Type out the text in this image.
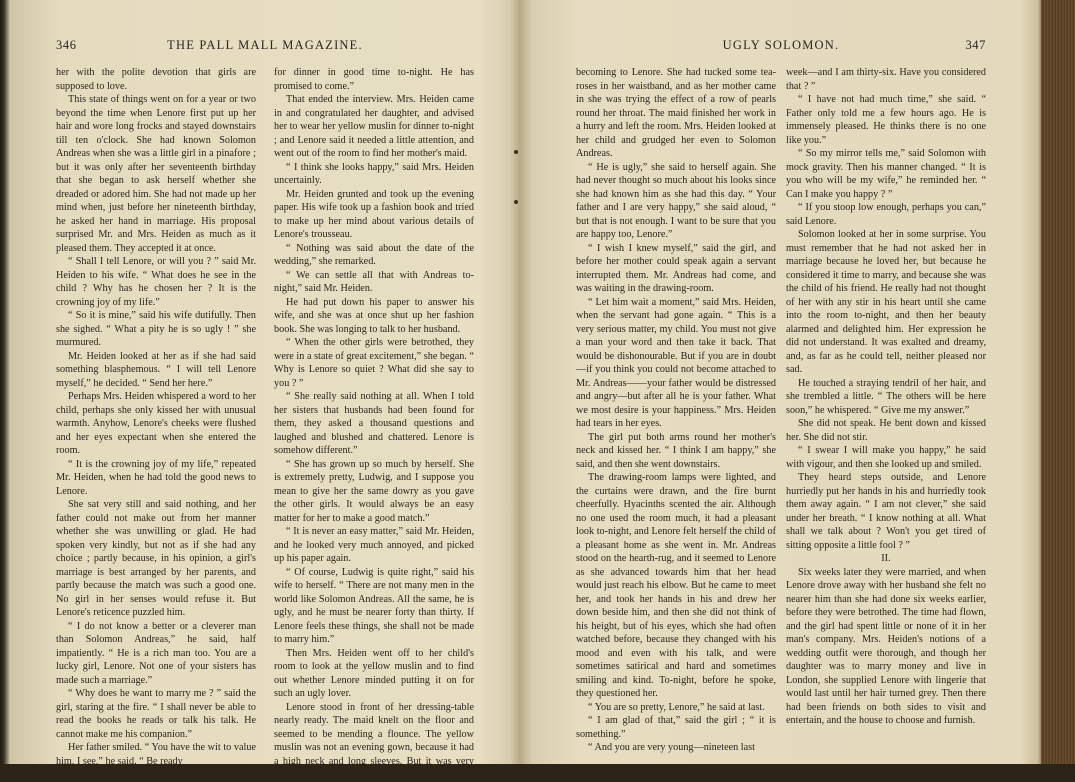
346	THE PALL MALL MAGAZINE.

her with the polite devotion that girls are supposed to love.

This state of things went on for a year or two beyond the time when Lenore first put up her hair and wore long frocks and stayed downstairs till ten o'clock. She had known Solomon Andreas when she was a little girl in a pinafore ; but it was only after her seventeenth birthday that she began to ask herself whether she dreaded or adored him. She had not made up her mind when, just before her nineteenth birthday, he asked her hand in marriage. His proposal surprised Mr. and Mrs. Heiden as much as it pleased them. They accepted it at once.

“ Shall I tell Lenore, or will you ? ” said Mr. Heiden to his wife. “ What does he see in the child ? Why has he chosen her ? It is the crowning joy of my life.”

“ So it is mine,” said his wife dutifully. Then she sighed. “ What a pity he is so ugly ! ” she murmured.

Mr. Heiden looked at her as if she had said something blasphemous. “ I will tell Lenore myself,” he decided. “ Send her here.”

Perhaps Mrs. Heiden whispered a word to her child, perhaps she only kissed her with unusual warmth. Anyhow, Lenore's cheeks were flushed and her eyes expectant when she entered the room.

“ It is the crowning joy of my life,” repeated Mr. Heiden, when he had told the good news to Lenore.

She sat very still and said nothing, and her father could not make out from her manner whether she was unwilling or glad. He had spoken very kindly, but not as if she had any choice ; partly because, in his opinion, a girl's marriage is best arranged by her parents, and partly because the match was such a good one. No girl in her senses would refuse it. But Lenore's reticence puzzled him.

“ I do not know a better or a cleverer man than Solomon Andreas,” he said, half impatiently. “ He is a rich man too. You are a lucky girl, Lenore. Not one of your sisters has made such a marriage.”

“ Why does he want to marry me ? ” said the girl, staring at the fire. “ I shall never be able to read the books he reads or talk his talk. He cannot make me his companion.”

Her father smiled. “ You have the wit to value him, I see,” he said. “ Be ready

for dinner in good time to-night. He has promised to come.”

That ended the interview. Mrs. Heiden came in and congratulated her daughter, and advised her to wear her yellow muslin for dinner to-night ; and Lenore said it needed a little attention, and went out of the room to find her mother's maid.

“ I think she looks happy,” said Mrs. Heiden uncertainly.

Mr. Heiden grunted and took up the evening paper. His wife took up a fashion book and tried to make up her mind about various details of Lenore's trousseau.

“ Nothing was said about the date of the wedding,” she remarked.

“ We can settle all that with Andreas to-night,” said Mr. Heiden.

He had put down his paper to answer his wife, and she was at once shut up her fashion book. She was longing to talk to her husband.

“ When the other girls were betrothed, they were in a state of great excitement,” she began. “ Why is Lenore so quiet ? What did she say to you ? ”

“ She really said nothing at all. When I told her sisters that husbands had been found for them, they asked a thousand questions and laughed and blushed and chattered. Lenore is somehow different.”

“ She has grown up so much by herself. She is extremely pretty, Ludwig, and I suppose you mean to give her the same dowry as you gave the other girls. It would always be an easy matter for her to make a good match.”

“ It is never an easy matter,” said Mr. Heiden, and he looked very much annoyed, and picked up his paper again.

“ Of course, Ludwig is quite right,” said his wife to herself. “ There are not many men in the world like Solomon Andreas. All the same, he is ugly, and he must be nearer forty than thirty. If Lenore feels these things, she shall not be made to marry him.”

Then Mrs. Heiden went off to her child's room to look at the yellow muslin and to find out whether Lenore minded putting it on for such an ugly lover.

Lenore stood in front of her dressing-table nearly ready. The maid knelt on the floor and seemed to be mending a flounce. The yellow muslin was not an evening gown, because it had a high neck and long sleeves. But it was very thin and elegant, and very

UGLY SOLOMON.	347

becoming to Lenore. She had tucked some tea-roses in her waistband, and as her mother came in she was trying the effect of a row of pearls round her throat. The maid finished her work in a hurry and left the room. Mrs. Heiden looked at her child and grudged her even to Solomon Andreas.

“ He is ugly,” she said to herself again. She had never thought so much about his looks since she had known him as she had this day. “ Your father and I are very happy,” she said aloud, “ but that is not enough. I want to be sure that you are happy too, Lenore.”

“ I wish I knew myself,” said the girl, and before her mother could speak again a servant interrupted them. Mr. Andreas had come, and was waiting in the drawing-room.

“ Let him wait a moment,” said Mrs. Heiden, when the servant had gone again. “ This is a very serious matter, my child. You must not give a man your word and then take it back. That would be dishonourable. But if you are in doubt—if you think you could not become attached to Mr. Andreas——your father would be distressed and angry—but after all he is your father. What we most desire is your happiness.” Mrs. Heiden had tears in her eyes.

The girl put both arms round her mother's neck and kissed her. “ I think I am happy,” she said, and then she went downstairs.

The drawing-room lamps were lighted, and the curtains were drawn, and the fire burnt cheerfully. Hyacinths scented the air. Although no one used the room much, it had a pleasant look to-night, and Lenore felt herself the child of a pleasant home as she went in. Mr. Andreas stood on the hearth-rug, and it seemed to Lenore as she advanced towards him that her head would just reach his elbow. But he came to meet her, and took her hands in his and drew her down beside him, and then she did not think of his height, but of his eyes, which she had often watched before, because they changed with his mood and even with his talk, and were sometimes satirical and hard and sometimes smiling and kind. To-night, before he spoke, they questioned her.

“ You are so pretty, Lenore,” he said at last.

“ I am glad of that,” said the girl ; “ it is something.”

“ And you are very young—nineteen last

week—and I am thirty-six. Have you considered that ? ”

“ I have not had much time,” she said. “ Father only told me a few hours ago. He is immensely pleased. He thinks there is no one like you.”

“ So my mirror tells me,” said Solomon with mock gravity. Then his manner changed. “ It is you who will be my wife,” he reminded her. “ Can I make you happy ? ”

“ If you stoop low enough, perhaps you can,” said Lenore.

Solomon looked at her in some surprise. You must remember that he had not asked her in marriage because he loved her, but because he considered it time to marry, and because she was the child of his friend. He really had not thought of her with any stir in his heart until she came into the room to-night, and then her beauty alarmed and delighted him. Her expression he did not understand. It was exalted and dreamy, and, as far as he could tell, neither pleased nor sad.

He touched a straying tendril of her hair, and she trembled a little. “ The others will be here soon,” he whispered. “ Give me my answer.”

She did not speak. He bent down and kissed her. She did not stir.

“ I swear I will make you happy,” he said with vigour, and then she looked up and smiled.

They heard steps outside, and Lenore hurriedly put her hands in his and hurriedly took them away again. “ I am not clever,” she said under her breath. “ I know nothing at all. What shall we talk about ? Won't you get tired of sitting opposite a little fool ? ”

II.

Six weeks later they were married, and when Lenore drove away with her husband she felt no nearer him than she had done six weeks earlier, before they were betrothed. The time had flown, and the girl had spent little or none of it in her man's company. Mrs. Heiden's notions of a wedding outfit were thorough, and though her daughter was to marry money and live in London, she supplied Lenore with lingerie that would last until her hair turned grey. Then there had been friends on both sides to visit and entertain, and the house to choose and furnish.
